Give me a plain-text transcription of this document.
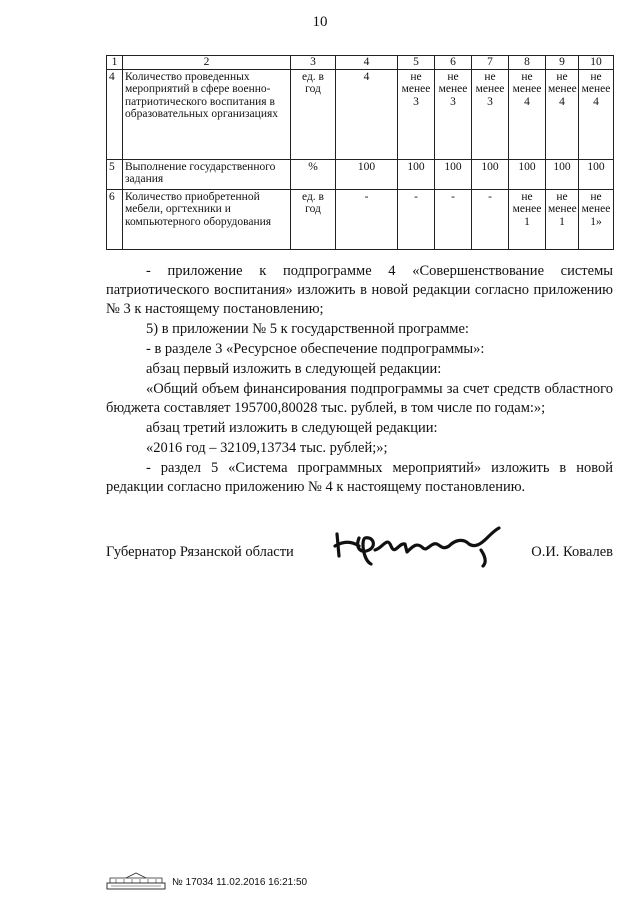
10
1	2	3	4	5	6	7	8	9	10
4	Количество проведенных мероприятий в сфере военно-патриотического воспитания в образовательных организациях	ед. в год	4	не менее 3	не менее 3	не менее 3	не менее 4	не менее 4	не менее 4
5	Выполнение государственного задания	%	100	100	100	100	100	100	100
6	Количество приобретенной мебели, оргтехники и компьютерного оборудования	ед. в год	-	-	-	-	не менее 1	не менее 1	не менее 1»

- приложение к подпрограмме 4 «Совершенствование системы патриотического воспитания» изложить в новой редакции согласно приложению № 3 к настоящему постановлению;

5) в приложении № 5 к государственной программе:

- в разделе 3 «Ресурсное обеспечение подпрограммы»:

абзац первый изложить в следующей редакции:

«Общий объем финансирования подпрограммы за счет средств областного бюджета составляет 195700,80028 тыс. рублей, в том числе по годам:»;

абзац третий изложить в следующей редакции:

«2016 год – 32109,13734 тыс. рублей;»;

- раздел 5 «Система программных мероприятий» изложить в новой редакции согласно приложению № 4 к настоящему постановлению.

Губернатор Рязанской области	О.И. Ковалев
№ 17034 11.02.2016 16:21:50
